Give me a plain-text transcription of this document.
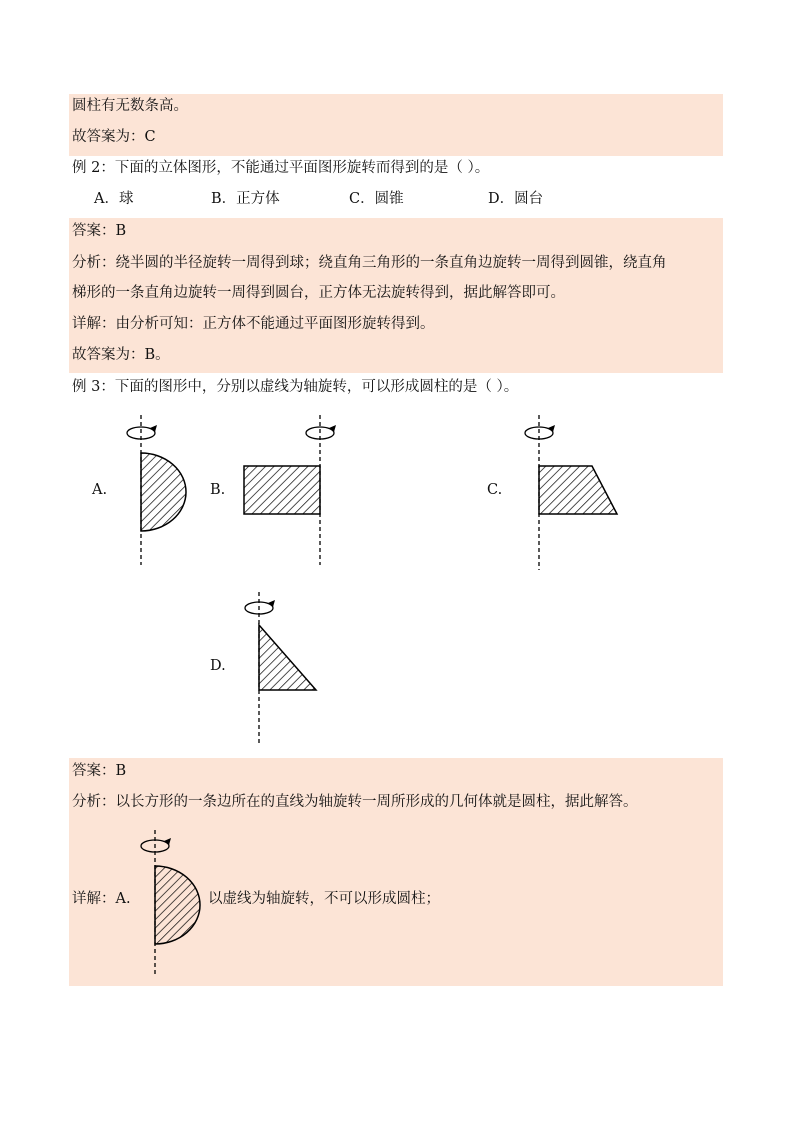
圆柱有无数条高。
故答案为：C
例 2：下面的立体图形，不能通过平面图形旋转而得到的是（ ）。
A．球	B．正方体	C．圆锥	D．圆台
答案：B
分析：绕半圆的半径旋转一周得到球；绕直角三角形的一条直角边旋转一周得到圆锥，绕直角
梯形的一条直角边旋转一周得到圆台，正方体无法旋转得到，据此解答即可。
详解：由分析可知：正方体不能通过平面图形旋转得到。
故答案为：B。
例 3：下面的图形中，分别以虚线为轴旋转，可以形成圆柱的是（ ）。
A.	B.	C.
D.
答案：B
分析：以长方形的一条边所在的直线为轴旋转一周所形成的几何体就是圆柱，据此解答。
详解：A.	以虚线为轴旋转，不可以形成圆柱；
